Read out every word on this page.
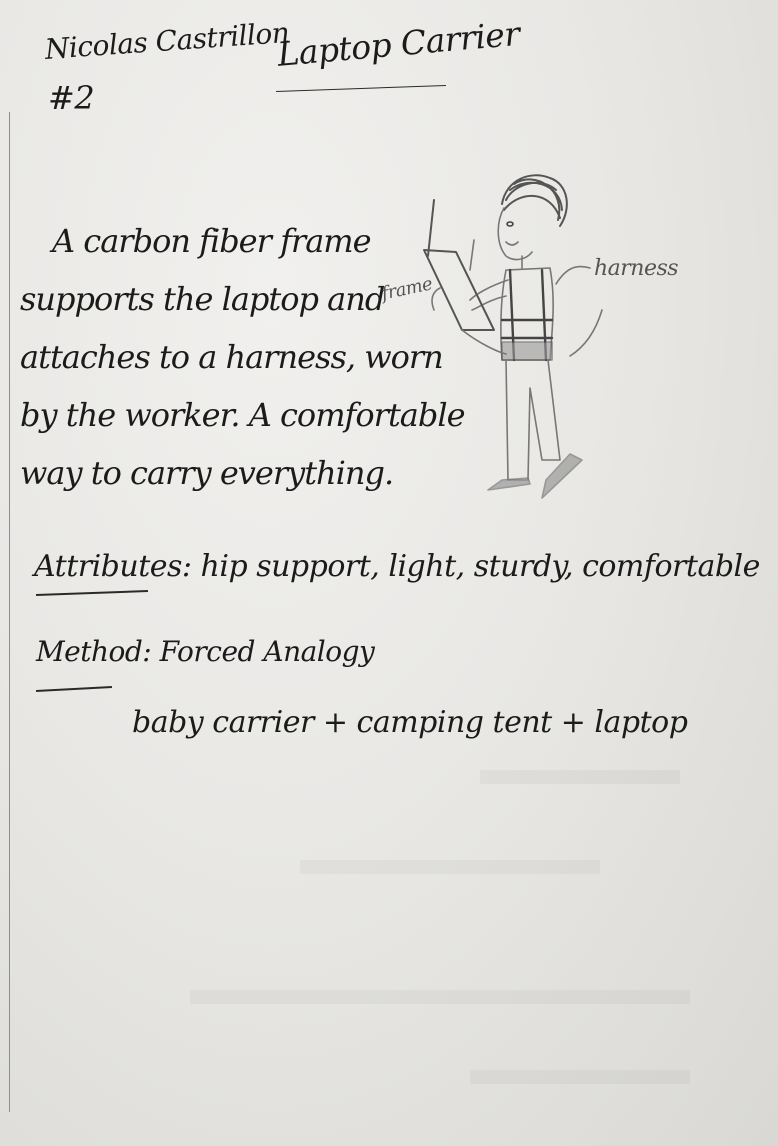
Nicolas Castrillon
#2
Laptop Carrier
A carbon fiber frame
supports the laptop and
attaches to a harness, worn
by the worker. A comfortable
way to carry everything.
harness
frame
Attributes: hip support, light, sturdy, comfortable
Method: Forced Analogy
baby carrier + camping tent + laptop
